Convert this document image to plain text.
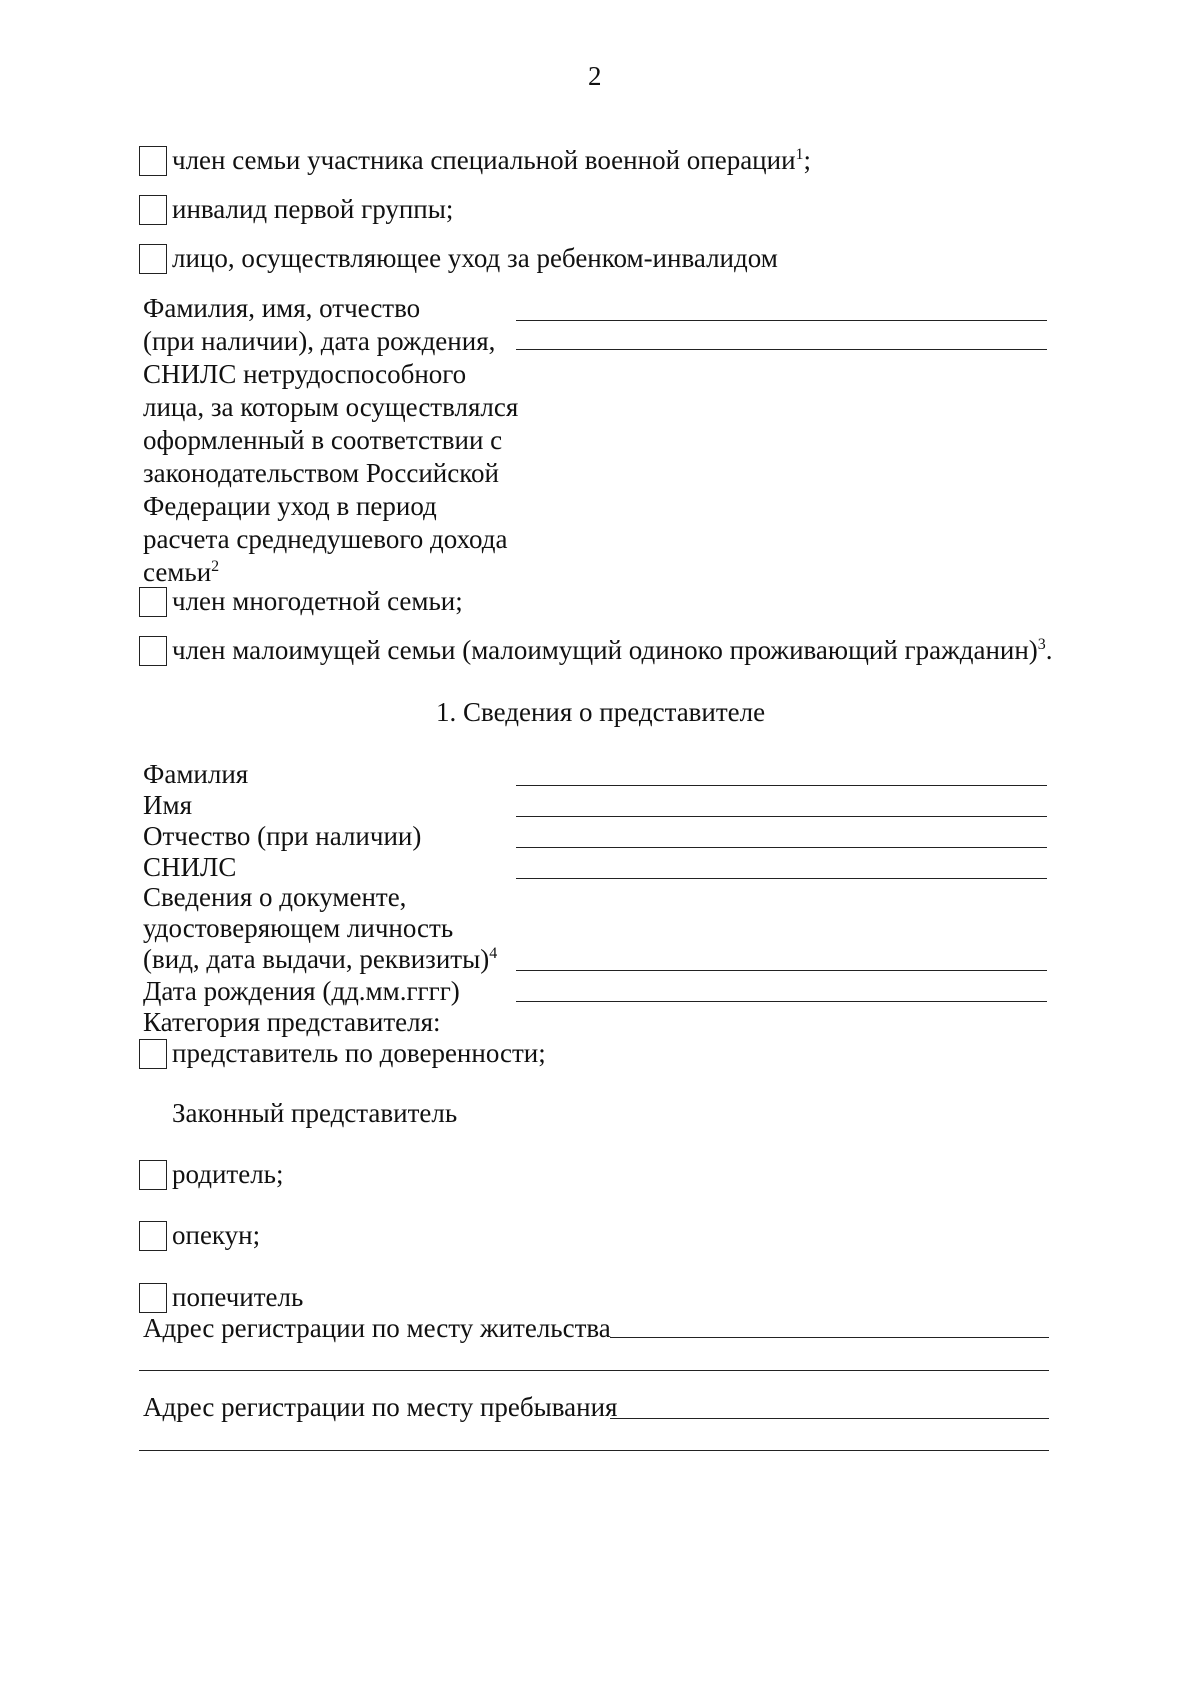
2
член семьи участника специальной военной операции$^1$;
инвалид первой группы;
лицо, осуществляющее уход за ребенком-инвалидом
Фамилия, имя, отчество
(при наличии), дата рождения,
СНИЛС нетрудоспособного
лица, за которым осуществлялся
оформленный в соответствии с
законодательством Российской
Федерации уход в период
расчета среднедушевого дохода
семьи$^2$
член многодетной семьи;
член малоимущей семьи (малоимущий одиноко проживающий гражданин)$^3$.
1. Сведения о представителе
Фамилия
Имя
Отчество (при наличии)
СНИЛС
Сведения о документе,
удостоверяющем личность
(вид, дата выдачи, реквизиты)$^4$
Дата рождения (дд.мм.гггг)
Категория представителя:
представитель по доверенности;
Законный представитель
родитель;
опекун;
попечитель
Адрес регистрации по месту жительства
Адрес регистрации по месту пребывания
